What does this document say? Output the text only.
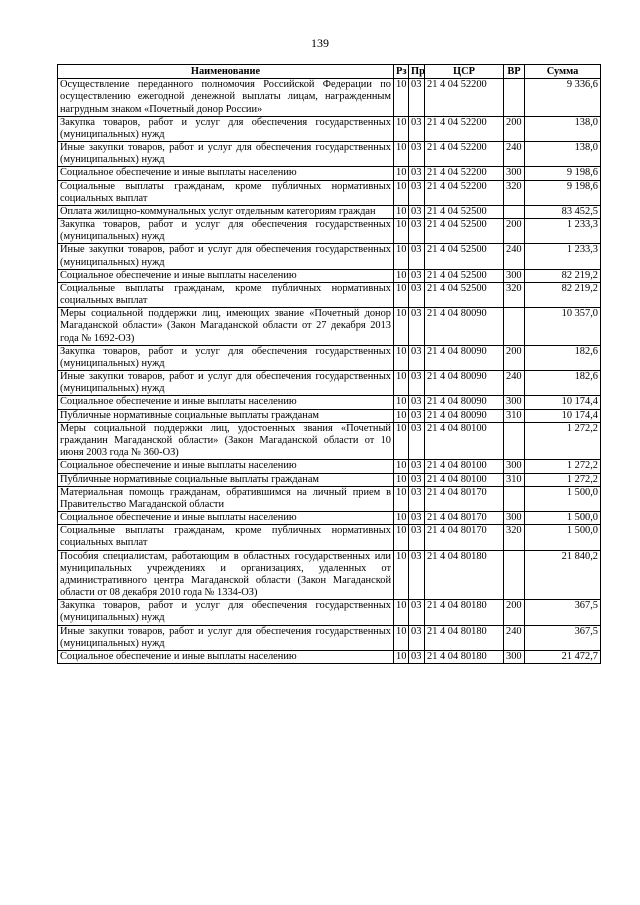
139
Наименование	Рз	Пр	ЦСР	ВР	Сумма
Осуществление переданного полномочия Российской Федерации по осуществлению ежегодной денежной выплаты лицам, награжденным нагрудным знаком «Почетный донор России»	10	03	21 4 04 52200		9 336,6
Закупка товаров, работ и услуг для обеспечения государственных (муниципальных) нужд	10	03	21 4 04 52200	200	138,0
Иные закупки товаров, работ и услуг для обеспечения государственных (муниципальных) нужд	10	03	21 4 04 52200	240	138,0
Социальное обеспечение и иные выплаты населению	10	03	21 4 04 52200	300	9 198,6
Социальные выплаты гражданам, кроме публичных нормативных социальных выплат	10	03	21 4 04 52200	320	9 198,6
Оплата жилищно-коммунальных услуг отдельным категориям граждан	10	03	21 4 04 52500		83 452,5
Закупка товаров, работ и услуг для обеспечения государственных (муниципальных) нужд	10	03	21 4 04 52500	200	1 233,3
Иные закупки товаров, работ и услуг для обеспечения государственных (муниципальных) нужд	10	03	21 4 04 52500	240	1 233,3
Социальное обеспечение и иные выплаты населению	10	03	21 4 04 52500	300	82 219,2
Социальные выплаты гражданам, кроме публичных нормативных социальных выплат	10	03	21 4 04 52500	320	82 219,2
Меры социальной поддержки лиц, имеющих звание «Почетный донор Магаданской области» (Закон Магаданской области от 27 декабря 2013 года № 1692-ОЗ)	10	03	21 4 04 80090		10 357,0
Закупка товаров, работ и услуг для обеспечения государственных (муниципальных) нужд	10	03	21 4 04 80090	200	182,6
Иные закупки товаров, работ и услуг для обеспечения государственных (муниципальных) нужд	10	03	21 4 04 80090	240	182,6
Социальное обеспечение и иные выплаты населению	10	03	21 4 04 80090	300	10 174,4
Публичные нормативные социальные выплаты гражданам	10	03	21 4 04 80090	310	10 174,4
Меры социальной поддержки лиц, удостоенных звания «Почетный гражданин Магаданской области» (Закон Магаданской области от 10 июня 2003 года № 360-ОЗ)	10	03	21 4 04 80100		1 272,2
Социальное обеспечение и иные выплаты населению	10	03	21 4 04 80100	300	1 272,2
Публичные нормативные социальные выплаты гражданам	10	03	21 4 04 80100	310	1 272,2
Материальная помощь гражданам, обратившимся на личный прием в Правительство Магаданской области	10	03	21 4 04 80170		1 500,0
Социальное обеспечение и иные выплаты населению	10	03	21 4 04 80170	300	1 500,0
Социальные выплаты гражданам, кроме публичных нормативных социальных выплат	10	03	21 4 04 80170	320	1 500,0
Пособия специалистам, работающим в областных государственных или муниципальных учреждениях и организациях, удаленных от административного центра Магаданской области (Закон Магаданской области от 08 декабря 2010 года № 1334-ОЗ)	10	03	21 4 04 80180		21 840,2
Закупка товаров, работ и услуг для обеспечения государственных (муниципальных) нужд	10	03	21 4 04 80180	200	367,5
Иные закупки товаров, работ и услуг для обеспечения государственных (муниципальных) нужд	10	03	21 4 04 80180	240	367,5
Социальное обеспечение и иные выплаты населению	10	03	21 4 04 80180	300	21 472,7
